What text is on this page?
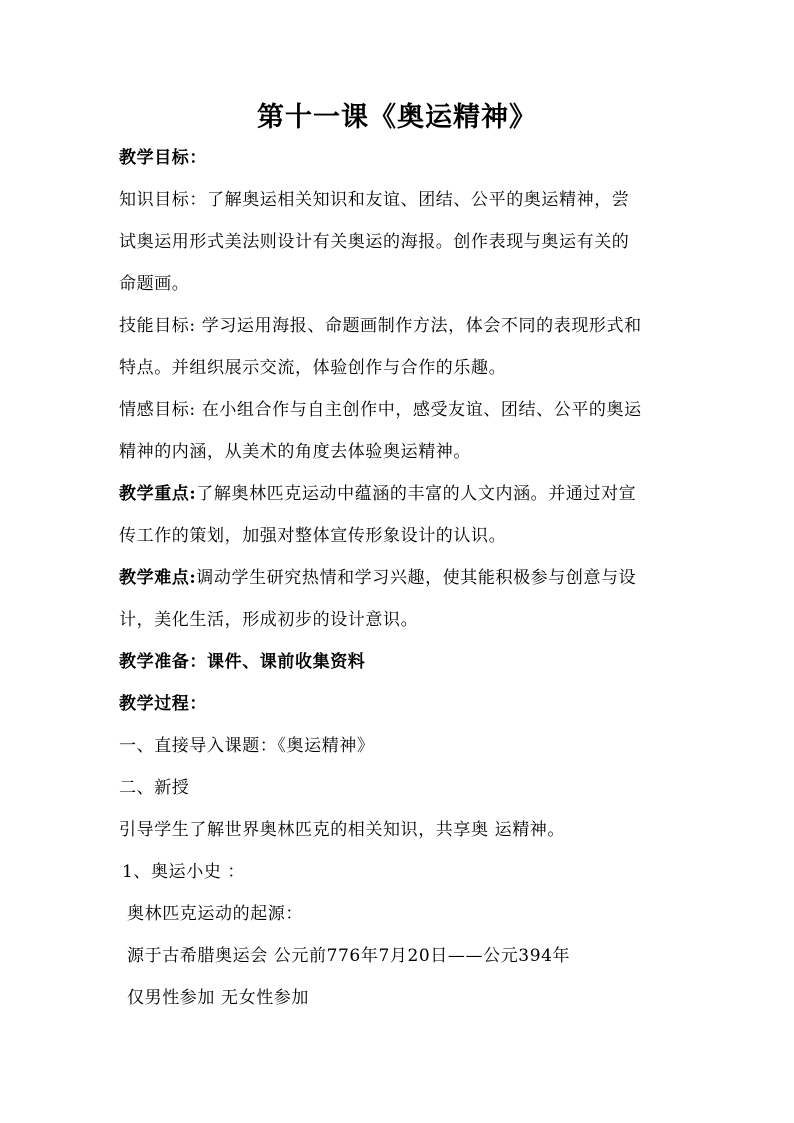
第十一课《奥运精神》
教学目标：
知识目标：了解奥运相关知识和友谊、团结、公平的奥运精神，尝
试奥运用形式美法则设计有关奥运的海报。创作表现与奥运有关的
命题画。
技能目标: 学习运用海报、命题画制作方法，体会不同的表现形式和
特点。并组织展示交流，体验创作与合作的乐趣。
情感目标: 在小组合作与自主创作中，感受友谊、团结、公平的奥运
精神的内涵，从美术的角度去体验奥运精神。
教学重点:了解奥林匹克运动中蕴涵的丰富的人文内涵。并通过对宣
传工作的策划，加强对整体宣传形象设计的认识。
教学难点:调动学生研究热情和学习兴趣，使其能积极参与创意与设
计，美化生活，形成初步的设计意识。
教学准备：课件、课前收集资料
教学过程：
一、直接导入课题：《奥运精神》
二、新授
引导学生了解世界奥林匹克的相关知识，共享奥 运精神。
1、奥运小史 ：
奥林匹克运动的起源：
源于古希腊奥运会 公元前776年7月20日——公元394年
仅男性参加 无女性参加
